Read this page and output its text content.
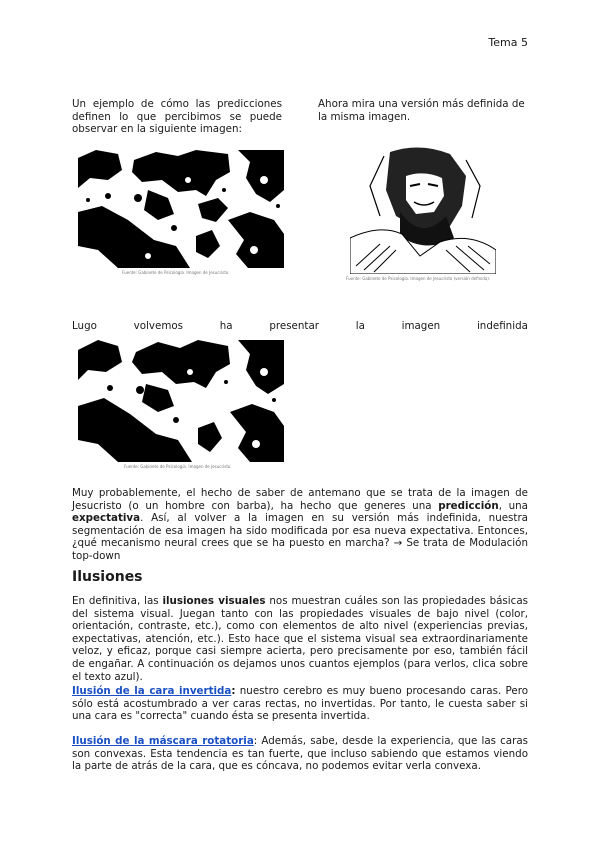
Tema 5
Un ejemplo de cómo las predicciones definen lo que percibimos se puede observar en la siguiente imagen:
Ahora mira una versión más definida de la misma imagen.
Fuente: Gabinete de Psicología. Imagen de Jesucristo.
Fuente: Gabinete de Psicología. Imagen de Jesucristo (versión definida).
Lugo	volvemos	ha	presentar	la	imagen	indefinida
Fuente: Gabinete de Psicología. Imagen de Jesucristo.
Muy probablemente, el hecho de saber de antemano que se trata de la imagen de Jesucristo (o un hombre con barba), ha hecho que generes una predicción, una expectativa. Así, al volver a la imagen en su versión más indefinida, nuestra segmentación de esa imagen ha sido modificada por esa nueva expectativa. Entonces, ¿qué mecanismo neural crees que se ha puesto en marcha? → Se trata de Modulación top-down
Ilusiones
En definitiva, las ilusiones visuales nos muestran cuáles son las propiedades básicas del sistema visual. Juegan tanto con las propiedades visuales de bajo nivel (color, orientación, contraste, etc.), como con elementos de alto nivel (experiencias previas, expectativas, atención, etc.). Esto hace que el sistema visual sea extraordinariamente veloz, y eficaz, porque casi siempre acierta, pero precisamente por eso, también fácil de engañar. A continuación os dejamos unos cuantos ejemplos (para verlos, clica sobre el texto azul).
Ilusión de la cara invertida: nuestro cerebro es muy bueno procesando caras. Pero sólo está acostumbrado a ver caras rectas, no invertidas. Por tanto, le cuesta saber si una cara es "correcta" cuando ésta se presenta invertida.
Ilusión de la máscara rotatoria: Además, sabe, desde la experiencia, que las caras son convexas. Esta tendencia es tan fuerte, que incluso sabiendo que estamos viendo la parte de atrás de la cara, que es cóncava, no podemos evitar verla convexa.
